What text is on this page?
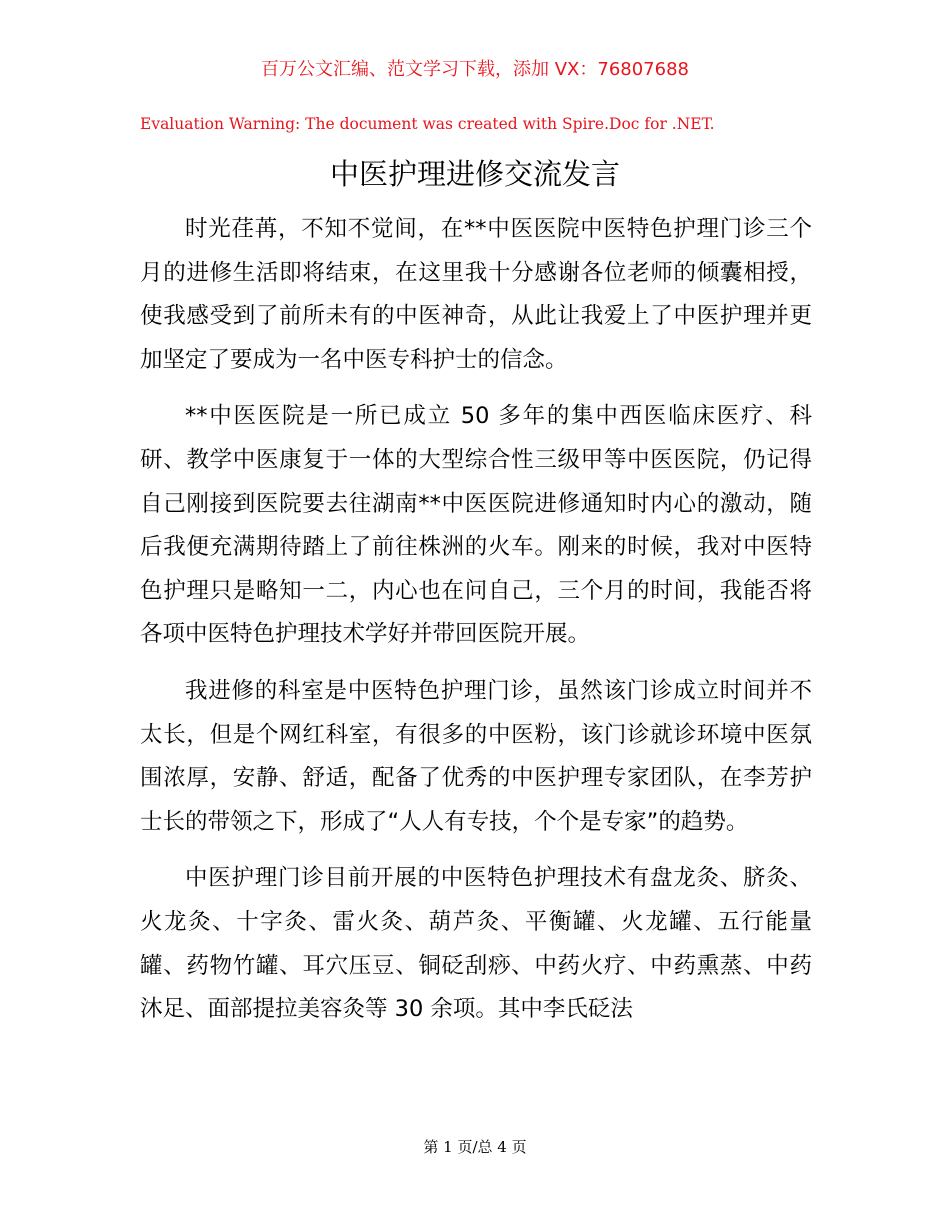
百万公文汇编、范文学习下载，添加 VX：76807688
Evaluation Warning: The document was created with Spire.Doc for .NET.
中医护理进修交流发言

时光荏苒，不知不觉间，在**中医医院中医特色护理门诊三个月的进修生活即将结束，在这里我十分感谢各位老师的倾囊相授，使我感受到了前所未有的中医神奇，从此让我爱上了中医护理并更加坚定了要成为一名中医专科护士的信念。

**中医医院是一所已成立 50 多年的集中西医临床医疗、科研、教学中医康复于一体的大型综合性三级甲等中医医院，仍记得自己刚接到医院要去往湖南**中医医院进修通知时内心的激动，随后我便充满期待踏上了前往株洲的火车。刚来的时候，我对中医特色护理只是略知一二，内心也在问自己，三个月的时间，我能否将各项中医特色护理技术学好并带回医院开展。

我进修的科室是中医特色护理门诊，虽然该门诊成立时间并不太长，但是个网红科室，有很多的中医粉，该门诊就诊环境中医氛围浓厚，安静、舒适，配备了优秀的中医护理专家团队，在李芳护士长的带领之下，形成了“人人有专技，个个是专家”的趋势。

中医护理门诊目前开展的中医特色护理技术有盘龙灸、脐灸、火龙灸、十字灸、雷火灸、葫芦灸、平衡罐、火龙罐、五行能量罐、药物竹罐、耳穴压豆、铜砭刮痧、中药火疗、中药熏蒸、中药沐足、面部提拉美容灸等 30 余项。其中李氏砭法

第 1 页/总 4 页
